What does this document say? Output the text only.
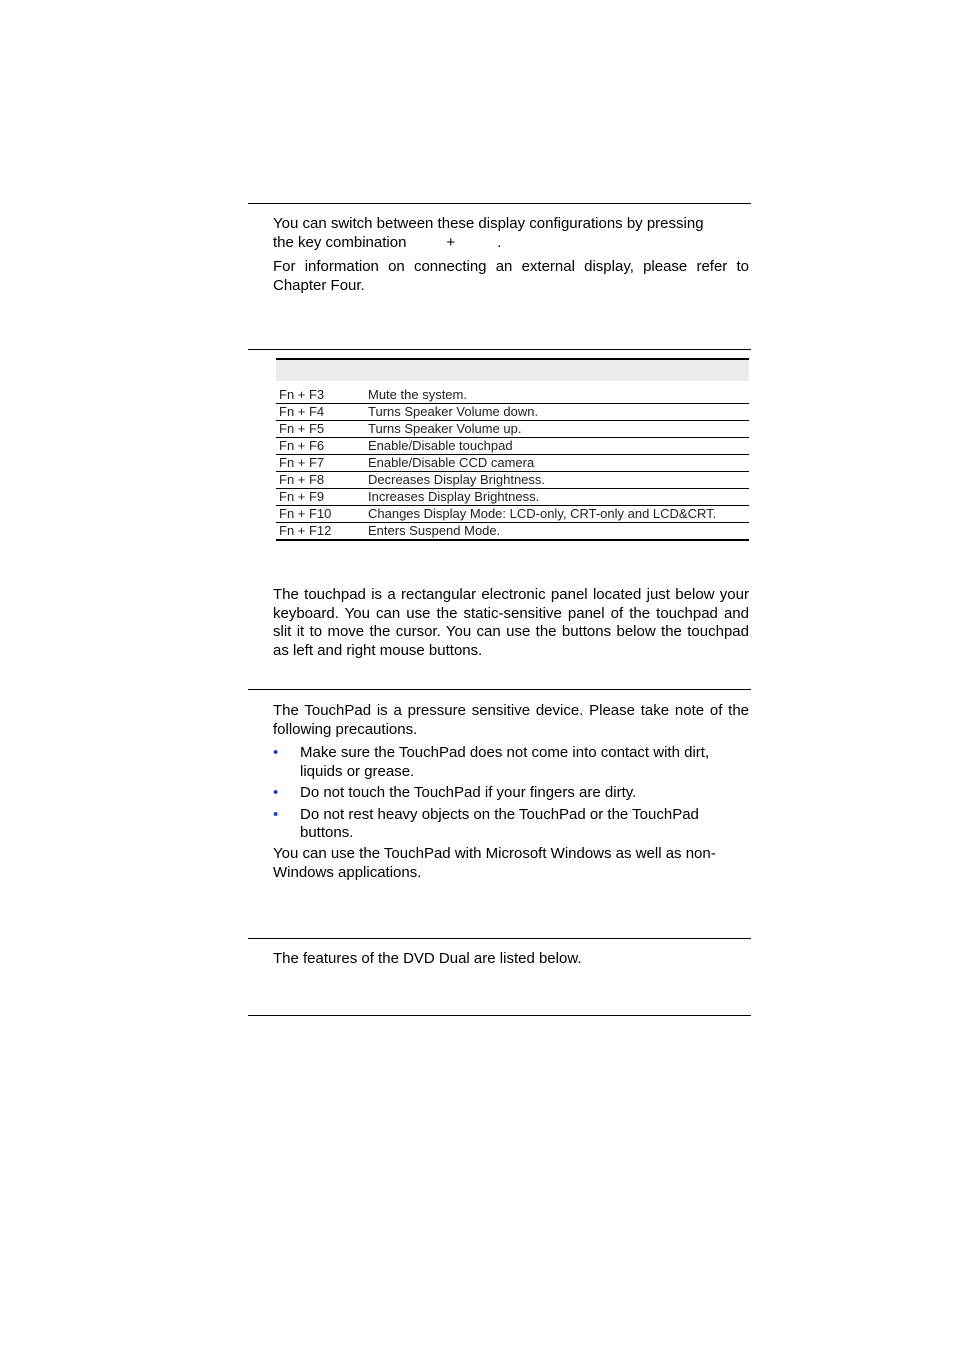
You can switch between these display configurations by pressing
the key combination	+	.

For information on connecting an external display, please refer to Chapter Four.

Fn + F3	Mute the system.
Fn + F4	Turns Speaker Volume down.
Fn + F5	Turns Speaker Volume up.
Fn + F6	Enable/Disable touchpad
Fn + F7	Enable/Disable CCD camera
Fn + F8	Decreases Display Brightness.
Fn + F9	Increases Display Brightness.
Fn + F10	Changes Display Mode: LCD-only, CRT-only and LCD&CRT.
Fn + F12	Enters Suspend Mode.

The touchpad is a rectangular electronic panel located just below your keyboard. You can use the static-sensitive panel of the touchpad and slit it to move the cursor. You can use the buttons below the touchpad as left and right mouse buttons.

The TouchPad is a pressure sensitive device. Please take note of the following precautions.

• Make sure the TouchPad does not come into contact with dirt, liquids or grease.
• Do not touch the TouchPad if your fingers are dirty.
• Do not rest heavy objects on the TouchPad or the TouchPad buttons.

You can use the TouchPad with Microsoft Windows as well as non-Windows applications.

The features of the DVD Dual are listed below.
